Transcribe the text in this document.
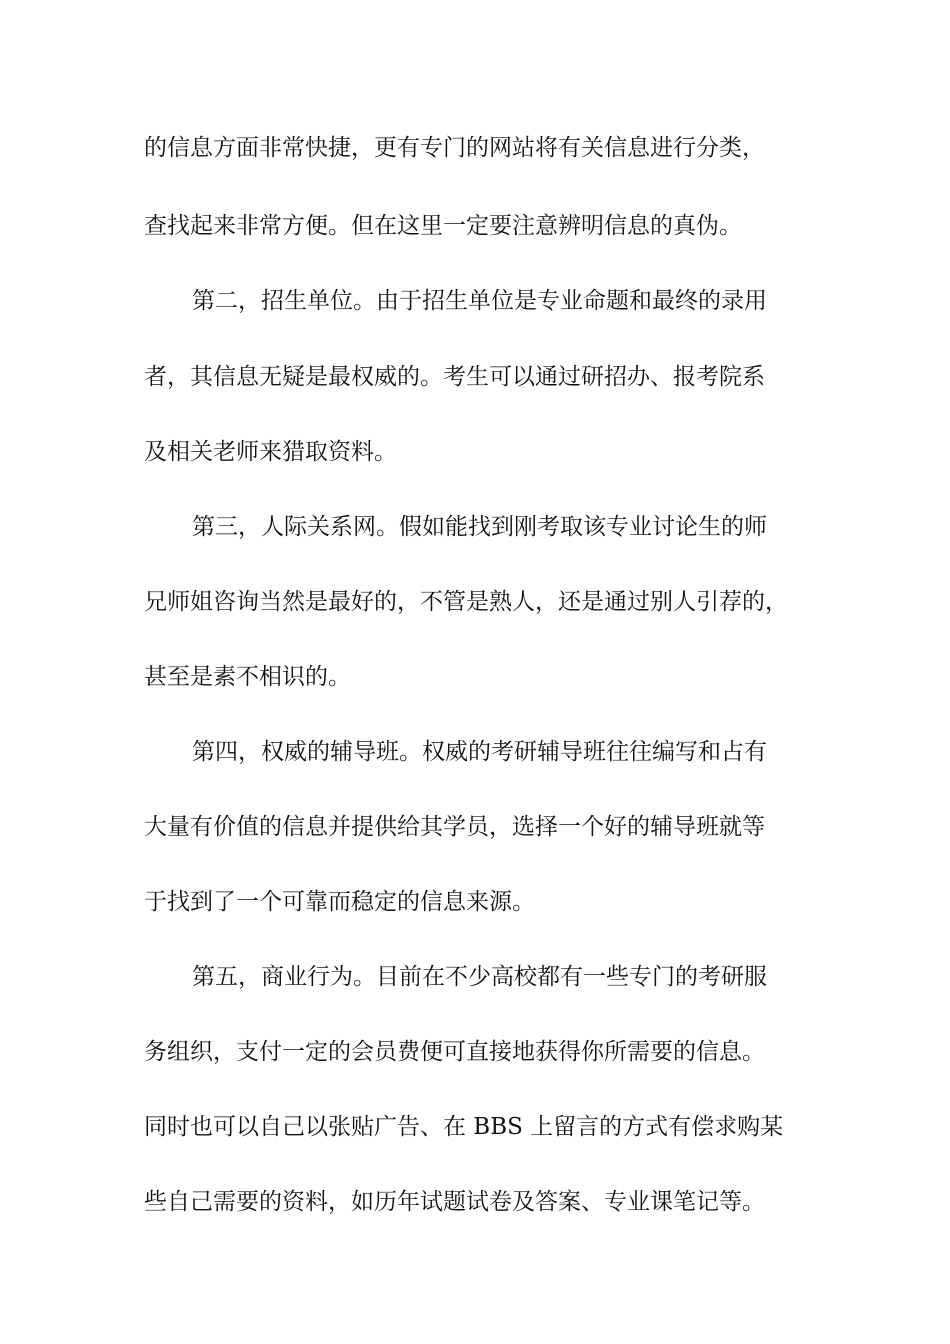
的信息方面非常快捷，更有专门的网站将有关信息进行分类，
查找起来非常方便。但在这里一定要注意辨明信息的真伪。
第二，招生单位。由于招生单位是专业命题和最终的录用
者，其信息无疑是最权威的。考生可以通过研招办、报考院系
及相关老师来猎取资料。
第三，人际关系网。假如能找到刚考取该专业讨论生的师
兄师姐咨询当然是最好的，不管是熟人，还是通过别人引荐的，
甚至是素不相识的。
第四，权威的辅导班。权威的考研辅导班往往编写和占有
大量有价值的信息并提供给其学员，选择一个好的辅导班就等
于找到了一个可靠而稳定的信息来源。
第五，商业行为。目前在不少高校都有一些专门的考研服
务组织，支付一定的会员费便可直接地获得你所需要的信息。
同时也可以自己以张贴广告、在 BBS 上留言的方式有偿求购某
些自己需要的资料，如历年试题试卷及答案、专业课笔记等。
